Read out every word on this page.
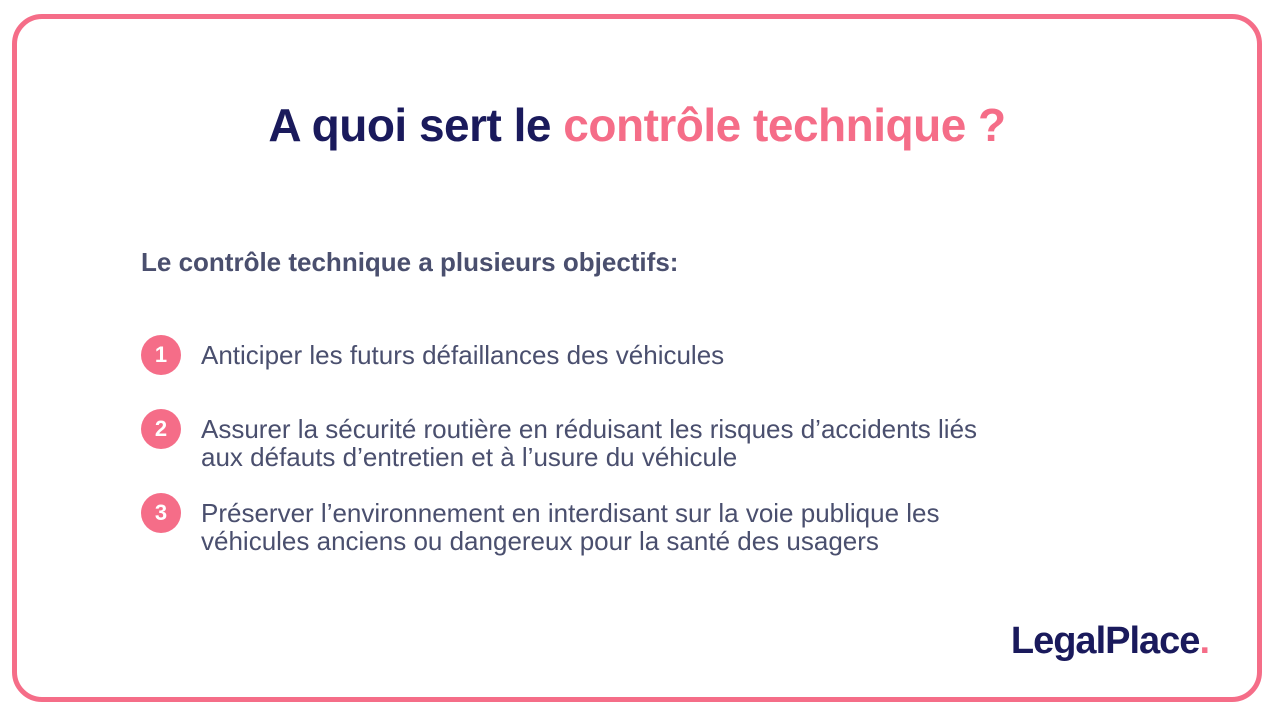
A quoi sert le contrôle technique ?
Le contrôle technique a plusieurs objectifs:
1	Anticiper les futurs défaillances des véhicules
2	Assurer la sécurité routière en réduisant les risques d’accidents liés
aux défauts d’entretien et à l’usure du véhicule
3	Préserver l’environnement en interdisant sur la voie publique les
véhicules anciens ou dangereux pour la santé des usagers
LegalPlace.
